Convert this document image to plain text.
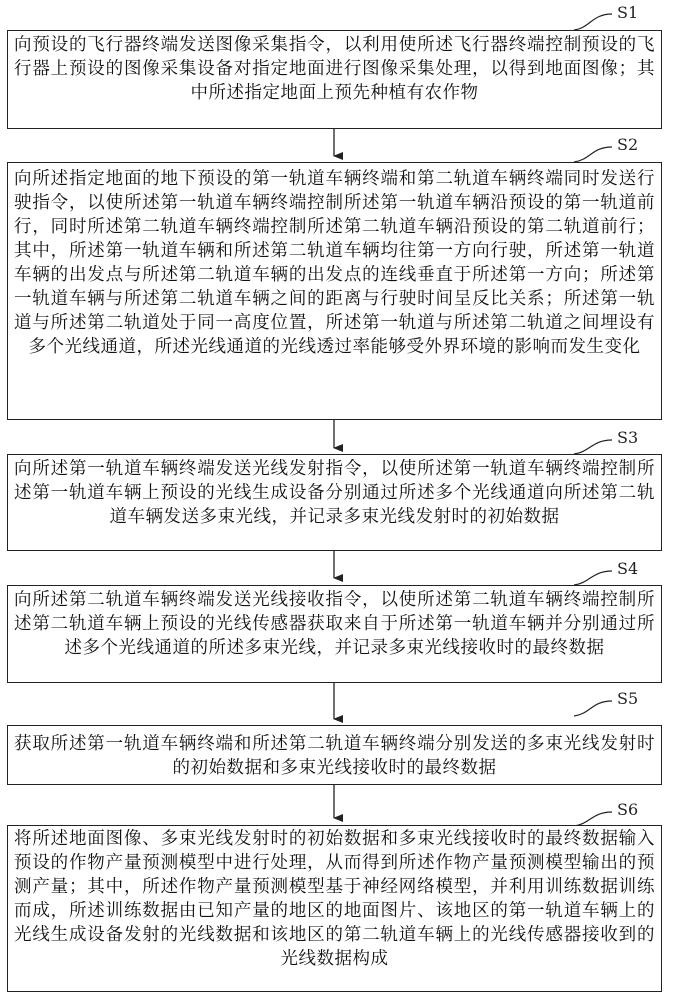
S1

向预设的飞行器终端发送图像采集指令，以利用使所述飞行器终端控制预设的飞行器上预设的图像采集设备对指定地面进行图像采集处理，以得到地面图像；其中所述指定地面上预先种植有农作物

S2

向所述指定地面的地下预设的第一轨道车辆终端和第二轨道车辆终端同时发送行驶指令，以使所述第一轨道车辆终端控制所述第一轨道车辆沿预设的第一轨道前行，同时所述第二轨道车辆终端控制所述第二轨道车辆沿预设的第二轨道前行；其中，所述第一轨道车辆和所述第二轨道车辆均往第一方向行驶，所述第一轨道车辆的出发点与所述第二轨道车辆的出发点的连线垂直于所述第一方向；所述第一轨道车辆与所述第二轨道车辆之间的距离与行驶时间呈反比关系；所述第一轨道与所述第二轨道处于同一高度位置，所述第一轨道与所述第二轨道之间埋设有多个光线通道，所述光线通道的光线透过率能够受外界环境的影响而发生变化

S3

向所述第一轨道车辆终端发送光线发射指令，以使所述第一轨道车辆终端控制所述第一轨道车辆上预设的光线生成设备分别通过所述多个光线通道向所述第二轨道车辆发送多束光线，并记录多束光线发射时的初始数据

S4

向所述第二轨道车辆终端发送光线接收指令，以使所述第二轨道车辆终端控制所述第二轨道车辆上预设的光线传感器获取来自于所述第一轨道车辆并分别通过所述多个光线通道的所述多束光线，并记录多束光线接收时的最终数据

S5

获取所述第一轨道车辆终端和所述第二轨道车辆终端分别发送的多束光线发射时的初始数据和多束光线接收时的最终数据

S6

将所述地面图像、多束光线发射时的初始数据和多束光线接收时的最终数据输入预设的作物产量预测模型中进行处理，从而得到所述作物产量预测模型输出的预测产量；其中，所述作物产量预测模型基于神经网络模型，并利用训练数据训练而成，所述训练数据由已知产量的地区的地面图片、该地区的第一轨道车辆上的光线生成设备发射的光线数据和该地区的第二轨道车辆上的光线传感器接收到的光线数据构成
